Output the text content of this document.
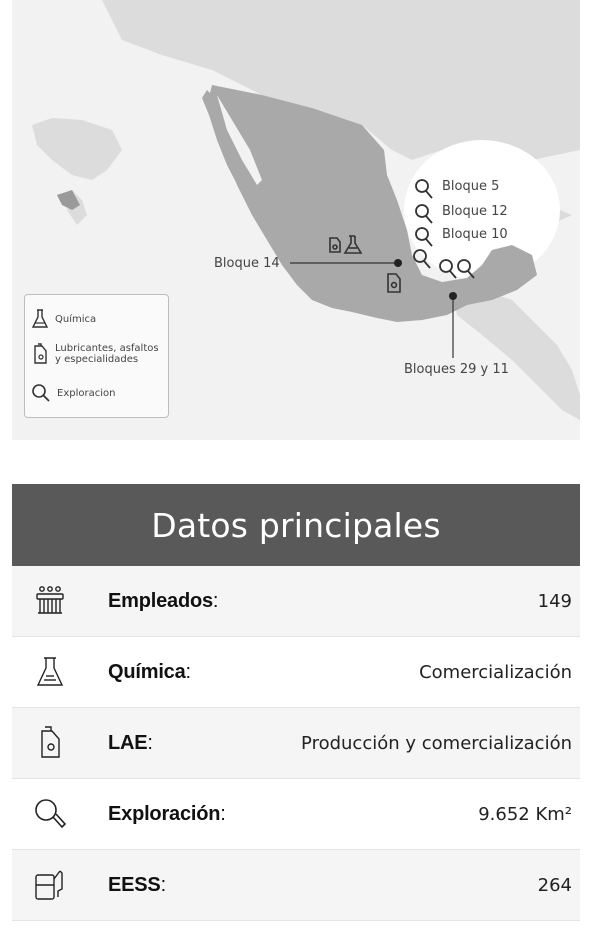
Bloque 5
Bloque 12
Bloque 10
Bloque 14
Bloques 29 y 11
Química
Lubricantes, asfaltos
y especialidades
Exploracion
Datos principales
Empleados:	149
Química:	Comercialización
LAE:	Producción y comercialización
Exploración:	9.652 Km²
EESS:	264
